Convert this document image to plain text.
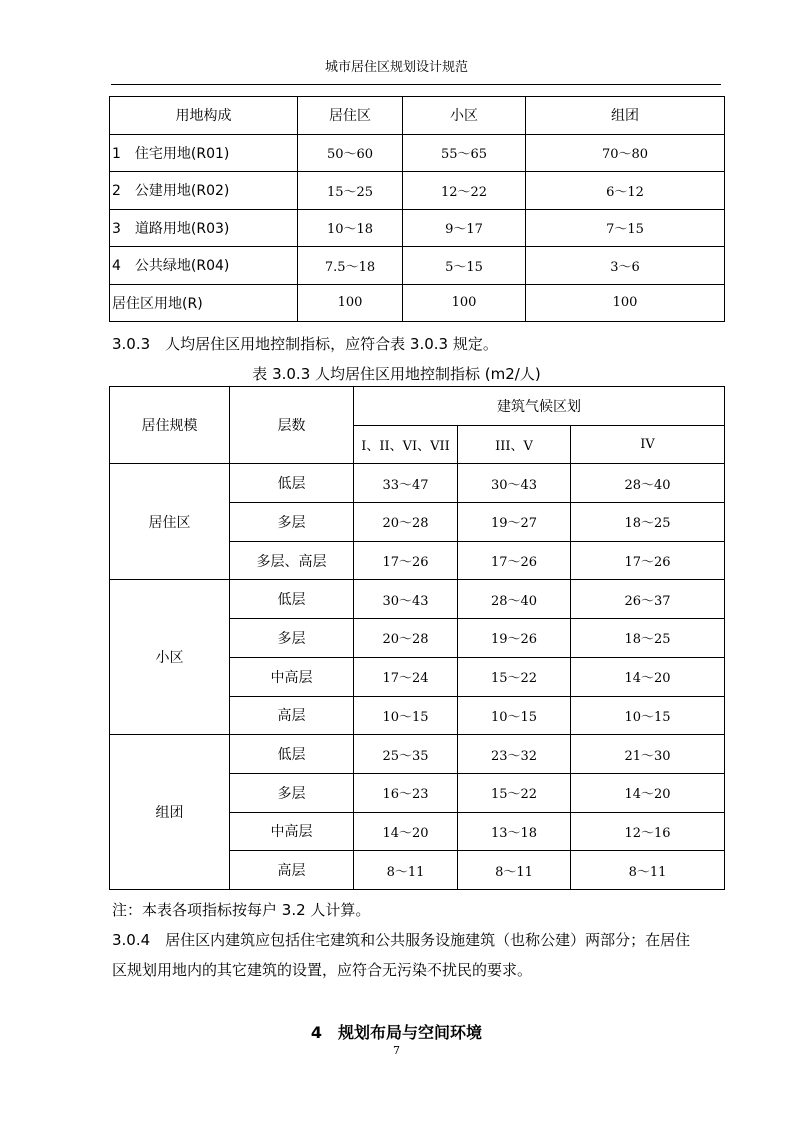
城市居住区规划设计规范
用地构成	居住区	小区	组团
1　住宅用地(R01)	50～60	55～65	70～80
2　公建用地(R02)	15～25	12～22	6～12
3　道路用地(R03)	10～18	9～17	7～15
4　公共绿地(R04)	7.5～18	5～15	3～6
居住区用地(R)	100	100	100
3.0.3　人均居住区用地控制指标，应符合表 3.0.3 规定。
表 3.0.3 人均居住区用地控制指标 (m2/人)
居住规模	层数	建筑气候区划		
		I、II、VI、VII	III、V	IV
居住区	低层	33～47	30～43	28～40
	多层	20～28	19～27	18～25
	多层、高层	17～26	17～26	17～26
小区	低层	30～43	28～40	26～37
	多层	20～28	19～26	18～25
	中高层	17～24	15～22	14～20
	高层	10～15	10～15	10～15
组团	低层	25～35	23～32	21～30
	多层	16～23	15～22	14～20
	中高层	14～20	13～18	12～16
	高层	8～11	8～11	8～11
注：本表各项指标按每户 3.2 人计算。
3.0.4　居住区内建筑应包括住宅建筑和公共服务设施建筑（也称公建）两部分；在居住
区规划用地内的其它建筑的设置，应符合无污染不扰民的要求。
4　规划布局与空间环境
7
